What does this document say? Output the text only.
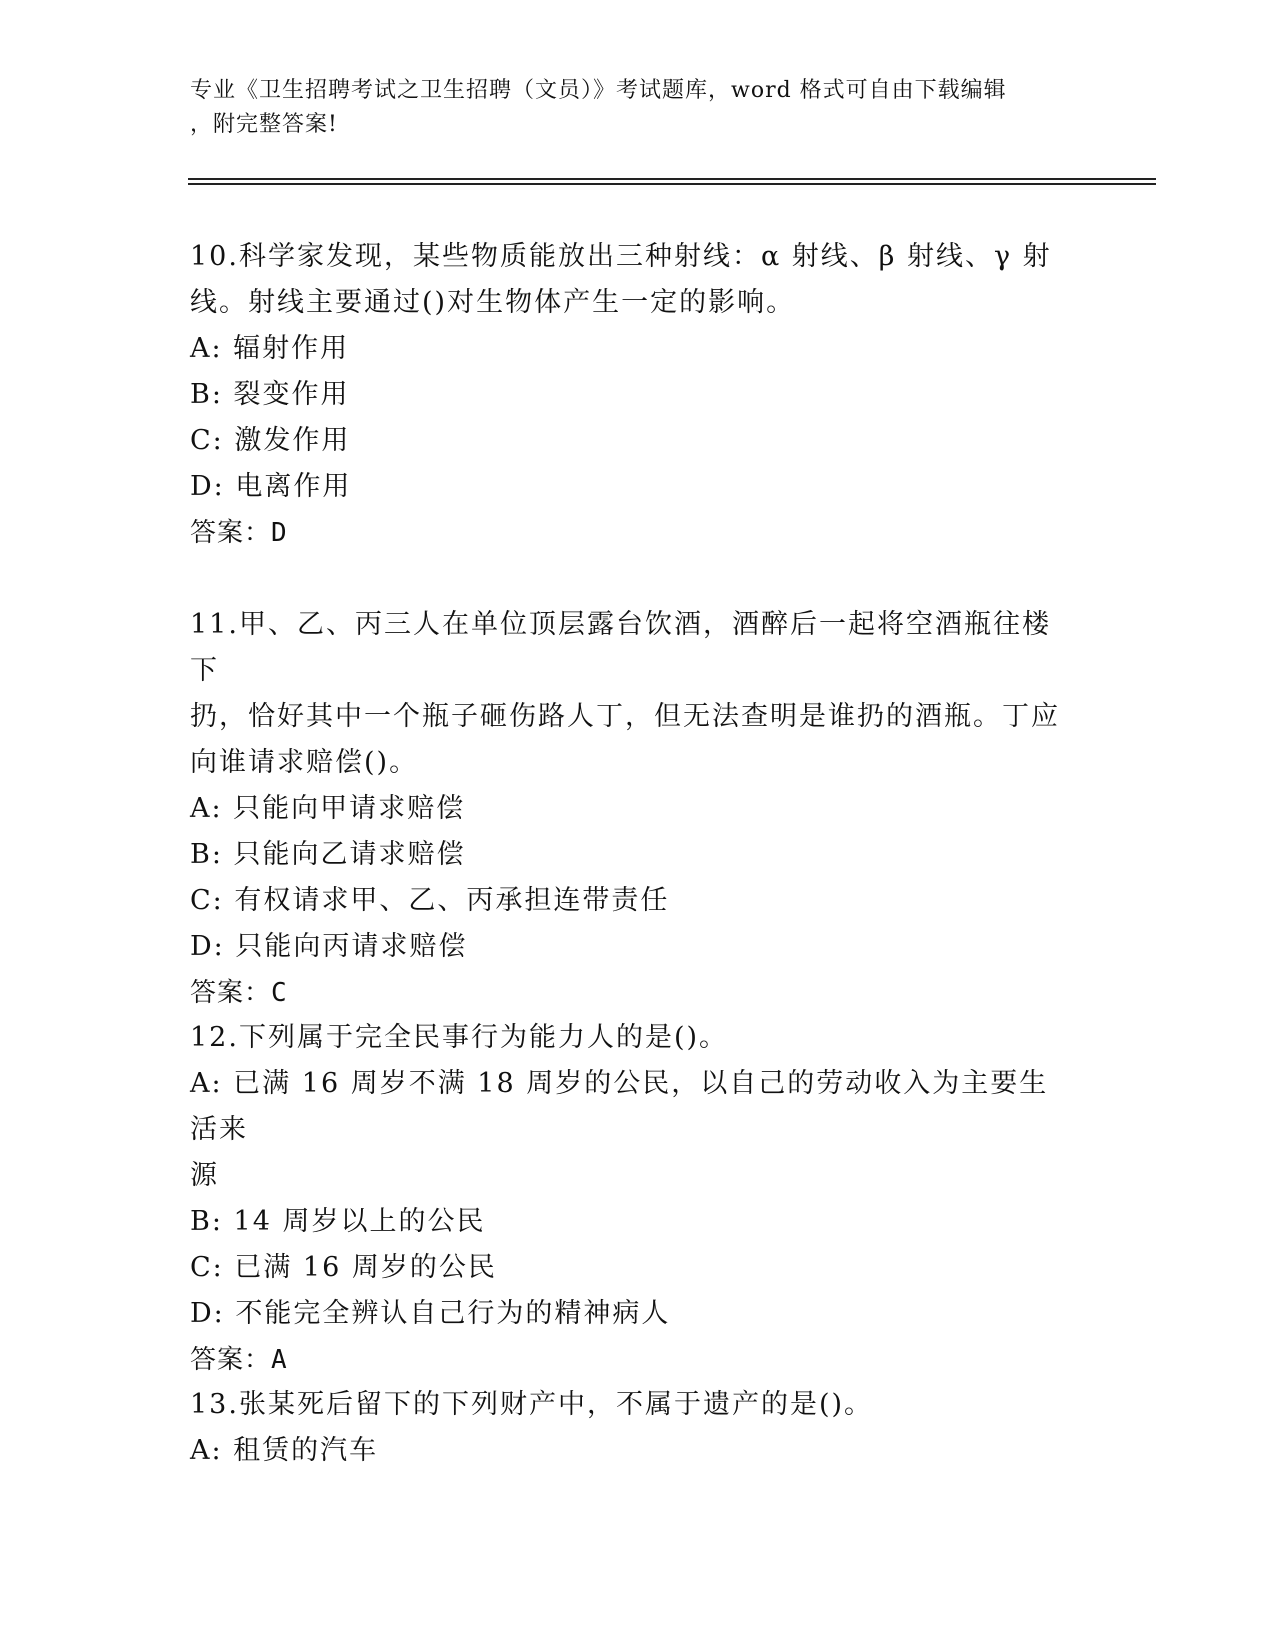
专业《卫生招聘考试之卫生招聘（文员）》考试题库，word 格式可自由下载编辑
，附完整答案!
10.科学家发现，某些物质能放出三种射线：α 射线、β 射线、γ 射
线。射线主要通过()对生物体产生一定的影响。
A: 辐射作用
B: 裂变作用
C: 激发作用
D: 电离作用
答案：D
11.甲、乙、丙三人在单位顶层露台饮酒，酒醉后一起将空酒瓶往楼下
扔，恰好其中一个瓶子砸伤路人丁，但无法查明是谁扔的酒瓶。丁应
向谁请求赔偿()。
A: 只能向甲请求赔偿
B: 只能向乙请求赔偿
C: 有权请求甲、乙、丙承担连带责任
D: 只能向丙请求赔偿
答案：C
12.下列属于完全民事行为能力人的是()。
A: 已满 16 周岁不满 18 周岁的公民，以自己的劳动收入为主要生活来
源
B: 14 周岁以上的公民
C: 已满 16 周岁的公民
D: 不能完全辨认自己行为的精神病人
答案：A
13.张某死后留下的下列财产中，不属于遗产的是()。
A: 租赁的汽车
